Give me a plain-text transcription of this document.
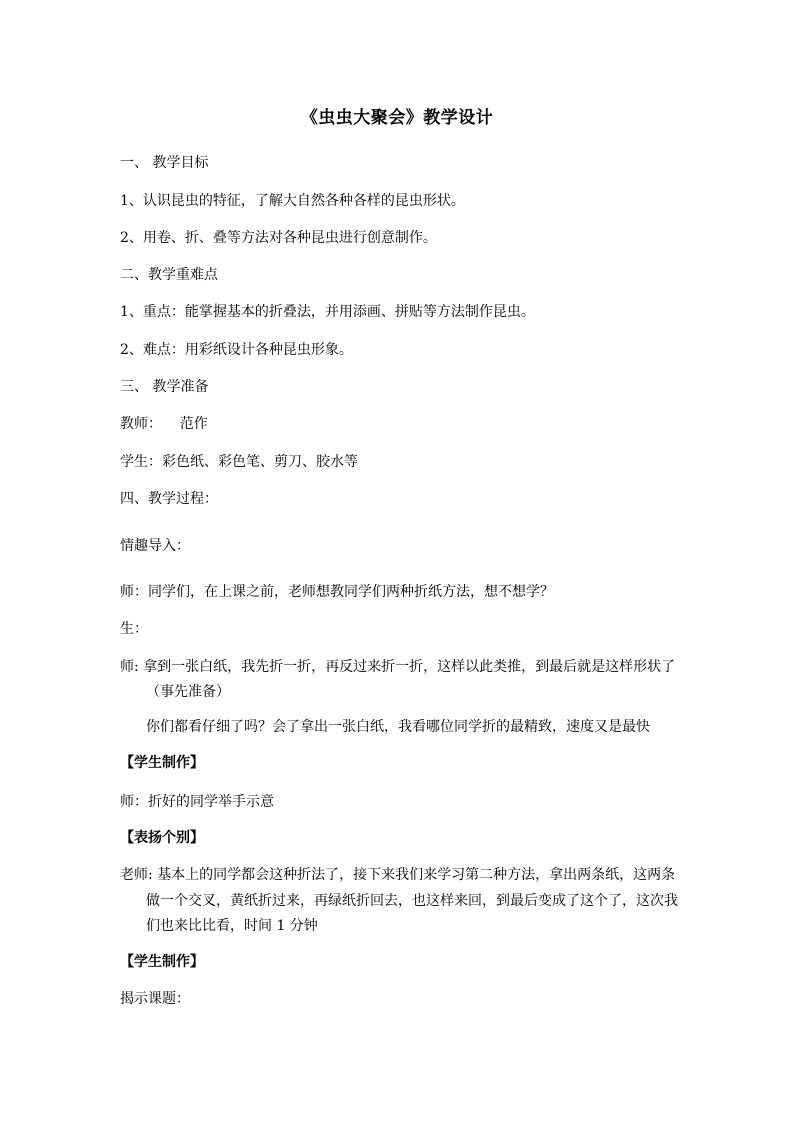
《虫虫大聚会》教学设计
一、 教学目标
1、认识昆虫的特征，了解大自然各种各样的昆虫形状。
2、用卷、折、叠等方法对各种昆虫进行创意制作。
二、教学重难点
1、重点：能掌握基本的折叠法，并用添画、拼贴等方法制作昆虫。
2、难点：用彩纸设计各种昆虫形象。
三、 教学准备
教师：    范作
学生：彩色纸、彩色笔、剪刀、胶水等
四、教学过程：
情趣导入：
师：同学们，在上课之前，老师想教同学们两种折纸方法，想不想学？
生：
师: 拿到一张白纸，我先折一折，再反过来折一折，这样以此类推，到最后就是这样形状了
（事先准备）
你们都看仔细了吗？会了拿出一张白纸，我看哪位同学折的最精致，速度又是最快
【学生制作】
师：折好的同学举手示意
【表扬个别】
老师: 基本上的同学都会这种折法了，接下来我们来学习第二种方法，拿出两条纸，这两条
做一个交叉，黄纸折过来，再绿纸折回去，也这样来回，到最后变成了这个了，这次我
们也来比比看，时间 1 分钟
【学生制作】
揭示课题：
